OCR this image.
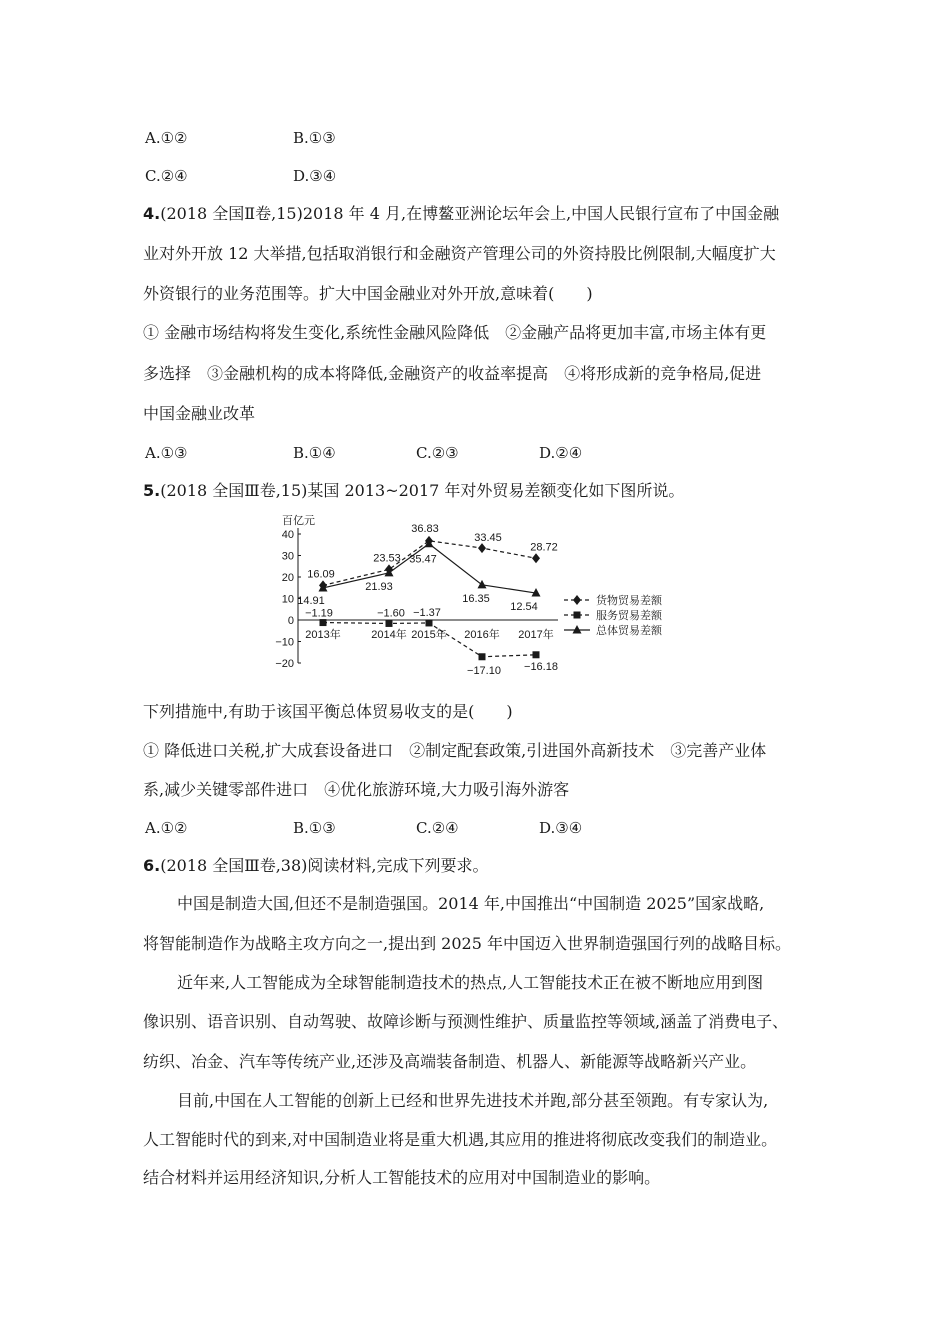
A.①②	B.①③
C.②④	D.③④
4.(2018 全国Ⅱ卷,15)2018 年 4 月,在博鳌亚洲论坛年会上,中国人民银行宣布了中国金融
业对外开放 12 大举措,包括取消银行和金融资产管理公司的外资持股比例限制,大幅度扩大
外资银行的业务范围等。扩大中国金融业对外开放,意味着(　　)
① 金融市场结构将发生变化,系统性金融风险降低　②金融产品将更加丰富,市场主体有更
多选择　③金融机构的成本将降低,金融资产的收益率提高　④将形成新的竞争格局,促进
中国金融业改革
A.①③	B.①④	C.②③	D.②④
5.(2018 全国Ⅲ卷,15)某国 2013~2017 年对外贸易差额变化如下图所说。
百亿元
40
30
20
10
0
−10
−20
2013年	2014年 2015年 2016年 2017年
16.09
23.53
36.83
33.45
28.72
−1.19	−1.60 −1.37
−17.10 −16.18
14.91
21.93
35.47
16.35
12.54
货物贸易差额
服务贸易差额
总体贸易差额
下列措施中,有助于该国平衡总体贸易收支的是(　　)
① 降低进口关税,扩大成套设备进口　②制定配套政策,引进国外高新技术　③完善产业体
系,减少关键零部件进口　④优化旅游环境,大力吸引海外游客
A.①②	B.①③	C.②④	D.③④
6.(2018 全国Ⅲ卷,38)阅读材料,完成下列要求。
中国是制造大国,但还不是制造强国。2014 年,中国推出“中国制造 2025”国家战略,
将智能制造作为战略主攻方向之一,提出到 2025 年中国迈入世界制造强国行列的战略目标。
近年来,人工智能成为全球智能制造技术的热点,人工智能技术正在被不断地应用到图
像识别、语音识别、自动驾驶、故障诊断与预测性维护、质量监控等领域,涵盖了消费电子、
纺织、冶金、汽车等传统产业,还涉及高端装备制造、机器人、新能源等战略新兴产业。
目前,中国在人工智能的创新上已经和世界先进技术并跑,部分甚至领跑。有专家认为,
人工智能时代的到来,对中国制造业将是重大机遇,其应用的推进将彻底改变我们的制造业。
结合材料并运用经济知识,分析人工智能技术的应用对中国制造业的影响。
